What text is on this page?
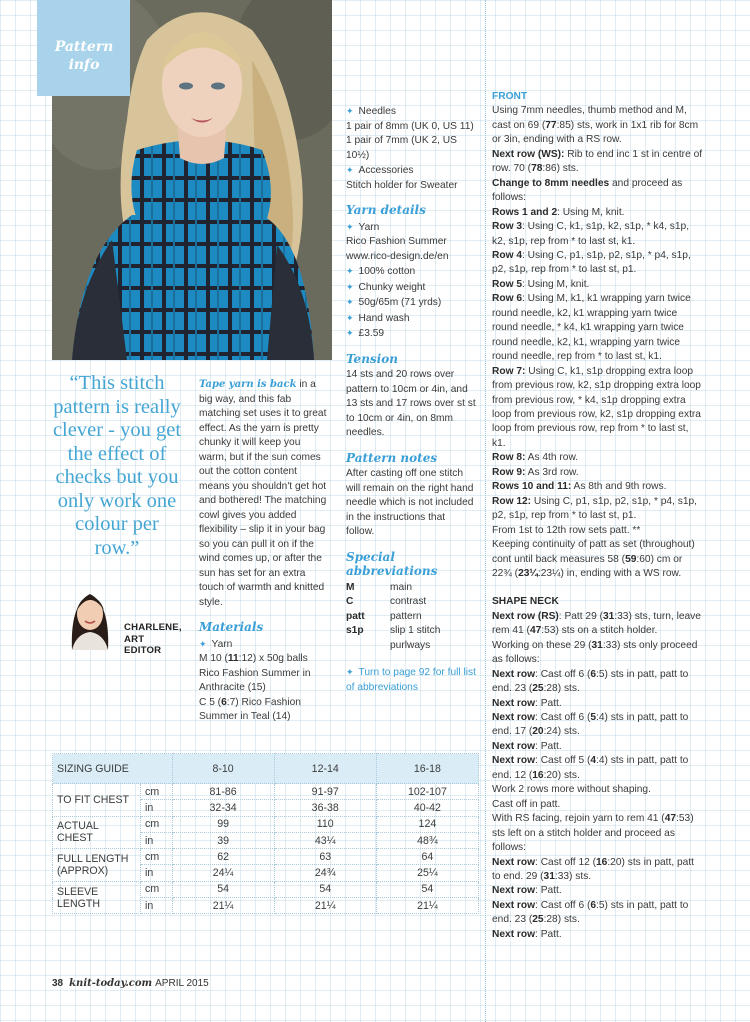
Pattern info
“This stitch pattern is really clever - you get the effect of checks but you only work one colour per row.”
CHARLENE,
ART
EDITOR

Tape yarn is back in a big way, and this fab matching set uses it to great effect. As the yarn is pretty chunky it will keep you warm, but if the sun comes out the cotton content means you shouldn't get hot and bothered! The matching cowl gives you added flexibility – slip it in your bag so you can pull it on if the wind comes up, or after the sun has set for an extra touch of warmth and knitted style.

Materials

✦ Yarn

M 10 (11:12) x 50g balls Rico Fashion Summer in Anthracite (15)

C 5 (6:7) Rico Fashion Summer in Teal (14)

✦ Needles

1 pair of 8mm (UK 0, US 11)

1 pair of 7mm (UK 2, US 10½)

✦ Accessories

Stitch holder for Sweater

Yarn details

✦ Yarn

Rico Fashion Summer

www.rico-design.de/en

✦ 100% cotton

✦ Chunky weight

✦ 50g/65m (71 yrds)

✦ Hand wash

✦ £3.59

Tension

14 sts and 20 rows over pattern to 10cm or 4in, and 13 sts and 17 rows over st st to 10cm or 4in, on 8mm needles.

Pattern notes

After casting off one stitch will remain on the right hand needle which is not included in the instructions that follow.

Special abbreviations

M	main
C	contrast
patt	pattern
s1p	slip 1 stitch purlways

✦ Turn to page 92 for full list of abbreviations

FRONT

Using 7mm needles, thumb method and M, cast on 69 (77:85) sts, work in 1x1 rib for 8cm or 3in, ending with a RS row.

Next row (WS): Rib to end inc 1 st in centre of row. 70 (78:86) sts.

Change to 8mm needles and proceed as follows:

Rows 1 and 2: Using M, knit.

Row 3: Using C, k1, s1p, k2, s1p, * k4, s1p, k2, s1p, rep from * to last st, k1.

Row 4: Using C, p1, s1p, p2, s1p, * p4, s1p, p2, s1p, rep from * to last st, p1.

Row 5: Using M, knit.

Row 6: Using M, k1, k1 wrapping yarn twice round needle, k2, k1 wrapping yarn twice round needle, * k4, k1 wrapping yarn twice round needle, k2, k1, wrapping yarn twice round needle, rep from * to last st, k1.

Row 7: Using C, k1, s1p dropping extra loop from previous row, k2, s1p dropping extra loop from previous row, * k4, s1p dropping extra loop from previous row, k2, s1p dropping extra loop from previous row, rep from * to last st, k1.

Row 8: As 4th row.

Row 9: As 3rd row.

Rows 10 and 11: As 8th and 9th rows.

Row 12: Using C, p1, s1p, p2, s1p, * p4, s1p, p2, s1p, rep from * to last st, p1.

From 1st to 12th row sets patt. **

Keeping continuity of patt as set (throughout) cont until back measures 58 (59:60) cm or 22¾ (23¼:23¼) in, ending with a WS row.

SHAPE NECK

Next row (RS): Patt 29 (31:33) sts, turn, leave rem 41 (47:53) sts on a stitch holder.

Working on these 29 (31:33) sts only proceed as follows:

Next row: Cast off 6 (6:5) sts in patt, patt to end. 23 (25:28) sts.

Next row: Patt.

Next row: Cast off 6 (5:4) sts in patt, patt to end. 17 (20:24) sts.

Next row: Patt.

Next row: Cast off 5 (4:4) sts in patt, patt to end. 12 (16:20) sts.

Work 2 rows more without shaping.

Cast off in patt.

With RS facing, rejoin yarn to rem 41 (47:53) sts left on a stitch holder and proceed as follows:

Next row: Cast off 12 (16:20) sts in patt, patt to end. 29 (31:33) sts.

Next row: Patt.

Next row: Cast off 6 (6:5) sts in patt, patt to end. 23 (25:28) sts.

Next row: Patt.

SIZING GUIDE		8-10	12-14	16-18
TO FIT CHEST	cm	81-86	91-97	102-107
	in	32-34	36-38	40-42
ACTUAL CHEST	cm	99	110	124
	in	39	43¼	48¾
FULL LENGTH (APPROX)	cm	62	63	64
	in	24¼	24¾	25¼
SLEEVE LENGTH	cm	54	54	54
	in	21¼	21¼	21¼
38 knit-today.com APRIL 2015
